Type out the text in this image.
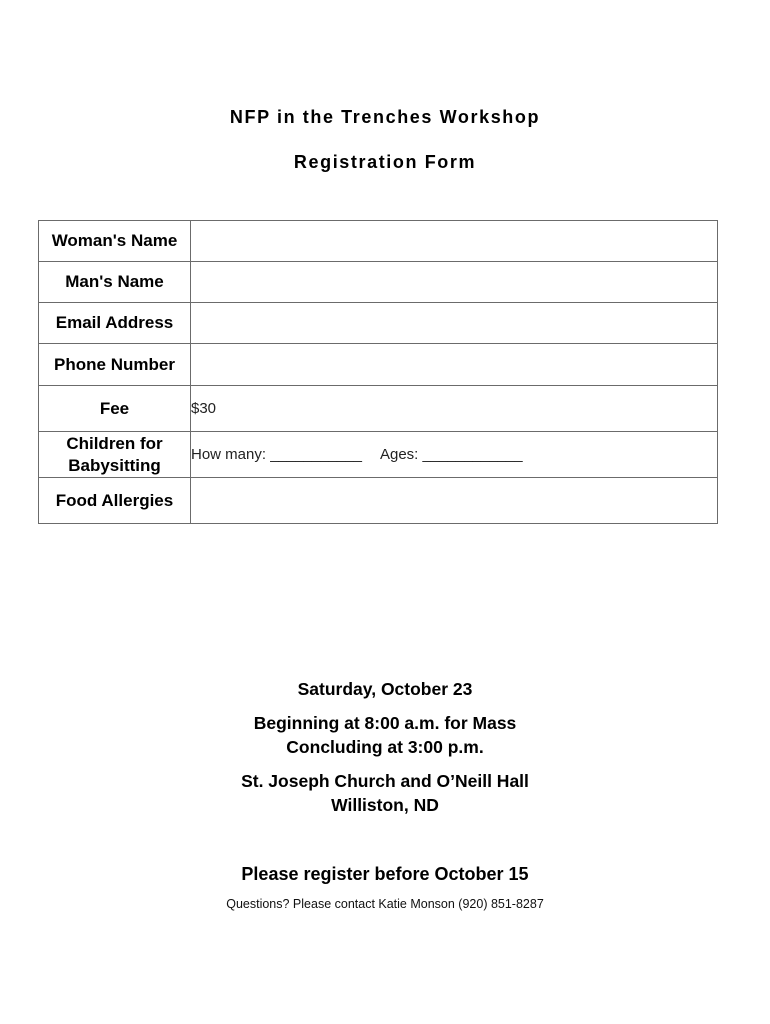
NFP in the Trenches Workshop
Registration Form
Woman's Name	
Man's Name	
Email Address	
Phone Number	
Fee	$30

Children for
Babysitting	How many: ___________ Ages: ____________
Food Allergies	
Saturday, October 23
Beginning at 8:00 a.m. for Mass
Concluding at 3:00 p.m.
St. Joseph Church and O’Neill Hall
Williston, ND
Please register before October 15
Questions? Please contact Katie Monson (920) 851-8287
